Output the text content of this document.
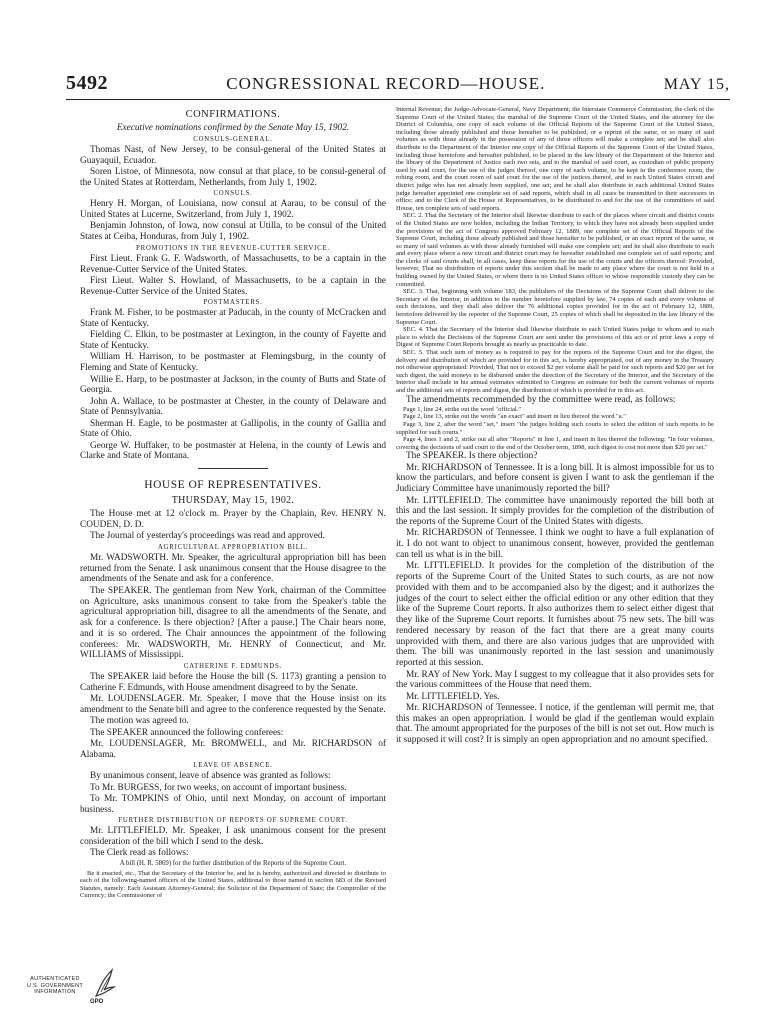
5492	CONGRESSIONAL RECORD—HOUSE.	MAY 15,
CONFIRMATIONS.
Executive nominations confirmed by the Senate May 15, 1902.
CONSULS-GENERAL.

Thomas Nast, of New Jersey, to be consul-general of the United States at Guayaquil, Ecuador.

Soren Listoe, of Minnesota, now consul at that place, to be consul-general of the United States at Rotterdam, Netherlands, from July 1, 1902.

CONSULS.

Henry H. Morgan, of Louisiana, now consul at Aarau, to be consul of the United States at Lucerne, Switzerland, from July 1, 1902.

Benjamin Johnston, of Iowa, now consul at Utilla, to be consul of the United States at Ceiba, Honduras, from July 1, 1902.

PROMOTIONS IN THE REVENUE-CUTTER SERVICE.

First Lieut. Frank G. F. Wadsworth, of Massachusetts, to be a captain in the Revenue-Cutter Service of the United States.

First Lieut. Walter S. Howland, of Massachusetts, to be a captain in the Revenue-Cutter Service of the United States.

POSTMASTERS.

Frank M. Fisher, to be postmaster at Paducah, in the county of McCracken and State of Kentucky.

Fielding C. Elkin, to be postmaster at Lexington, in the county of Fayette and State of Kentucky.

William H. Harrison, to be postmaster at Flemingsburg, in the county of Fleming and State of Kentucky.

Willie E. Harp, to be postmaster at Jackson, in the county of Butts and State of Georgia.

John A. Wallace, to be postmaster at Chester, in the county of Delaware and State of Pennsylvania.

Sherman H. Eagle, to be postmaster at Gallipolis, in the county of Gallia and State of Ohio.

George W. Huffaker, to be postmaster at Helena, in the county of Lewis and Clarke and State of Montana.

HOUSE OF REPRESENTATIVES.
THURSDAY, May 15, 1902.

The House met at 12 o'clock m. Prayer by the Chaplain, Rev. HENRY N. COUDEN, D. D.

The Journal of yesterday's proceedings was read and approved.

AGRICULTURAL APPROPRIATION BILL.

Mr. WADSWORTH. Mr. Speaker, the agricultural appropriation bill has been returned from the Senate. I ask unanimous consent that the House disagree to the amendments of the Senate and ask for a conference.

The SPEAKER. The gentleman from New York, chairman of the Committee on Agriculture, asks unanimous consent to take from the Speaker's table the agricultural appropriation bill, disagree to all the amendments of the Senate, and ask for a conference. Is there objection? [After a pause.] The Chair hears none, and it is so ordered. The Chair announces the appointment of the following conferees: Mr. WADSWORTH, Mr. HENRY of Connecticut, and Mr. WILLIAMS of Mississippi.

CATHERINE F. EDMUNDS.

The SPEAKER laid before the House the bill (S. 1173) granting a pension to Catherine F. Edmunds, with House amendment disagreed to by the Senate.

Mr. LOUDENSLAGER. Mr. Speaker, I move that the House insist on its amendment to the Senate bill and agree to the conference requested by the Senate.

The motion was agreed to.

The SPEAKER announced the following conferees:

Mr. LOUDENSLAGER, Mr. BROMWELL, and Mr. RICHARDSON of Alabama.

LEAVE OF ABSENCE.

By unanimous consent, leave of absence was granted as follows:

To Mr. BURGESS, for two weeks, on account of important business.

To Mr. TOMPKINS of Ohio, until next Monday, on account of important business.

FURTHER DISTRIBUTION OF REPORTS OF SUPREME COURT.

Mr. LITTLEFIELD. Mr. Speaker, I ask unanimous consent for the present consideration of the bill which I send to the desk.

The Clerk read as follows:

A bill (H. R. 5869) for the further distribution of the Reports of the Supreme Court.

Be it enacted, etc., That the Secretary of the Interior be, and he is hereby, authorized and directed to distribute to each of the following-named officers of the United States, additional to those named in section 683 of the Revised Statutes, namely: Each Assistant Attorney-General; the Solicitor of the Department of State; the Comptroller of the Currency; the Commissioner of

Internal Revenue; the Judge-Advocate-General, Navy Department; the Interstate Commerce Commission; the clerk of the Supreme Court of the United States; the marshal of the Supreme Court of the United States, and the attorney for the District of Columbia, one copy of each volume of the Official Reports of the Supreme Court of the United States, including those already published and those hereafter to be published, or a reprint of the same, or so many of said volumes as with those already in the possession of any of those officers will make a complete set; and he shall also distribute to the Department of the Interior one copy of the Official Reports of the Supreme Court of the United States, including those heretofore and hereafter published, to be placed in the law library of the Department of the Interior and the library of the Department of Justice each two sets, and to the marshal of said court, as custodian of public property used by said court, for the use of the judges thereof, one copy of each volume, to be kept in the conference room, the robing room, and the court room of said court for the use of the justices thereof, and to each United States circuit and district judge who has not already been supplied, one set; and he shall also distribute to each additional United States judge hereafter appointed one complete set of said reports, which shall in all cases be transmitted to their successors in office; and to the Clerk of the House of Representatives, to be distributed to and for the use of the committees of said House, ten complete sets of said reports.

SEC. 2. That the Secretary of the Interior shall likewise distribute to each of the places where circuit and district courts of the United States are now holden, including the Indian Territory, to which they have not already been supplied under the provisions of the act of Congress approved February 12, 1889, one complete set of the Official Reports of the Supreme Court, including those already published and those hereafter to be published, or an exact reprint of the same, or so many of said volumes as with those already furnished will make one complete set; and he shall also distribute to each and every place where a new circuit and district court may be hereafter established one complete set of said reports; and the clerks of said courts shall, in all cases, keep these reports for the use of the courts and the officers thereof: Provided, however, That no distribution of reports under this section shall be made to any place where the court is not held in a building owned by the United States, or where there is no United States officer to whose responsible custody they can be committed.

SEC. 3. That, beginning with volume 183, the publishers of the Decisions of the Supreme Court shall deliver to the Secretary of the Interior, in addition to the number heretofore supplied by law, 74 copies of each and every volume of such decisions, and they shall also deliver the 76 additional copies provided for in the act of February 12, 1889, heretofore delivered by the reporter of the Supreme Court, 25 copies of which shall be deposited in the law library of the Supreme Court.

SEC. 4. That the Secretary of the Interior shall likewise distribute to each United States judge to whom and to each place to which the Decisions of the Supreme Court are sent under the provisions of this act or of prior laws a copy of Digest of Supreme Court Reports brought as nearly as practicable to date.

SEC. 5. That such sum of money as is required to pay for the reports of the Supreme Court and for the digest, the delivery and distribution of which are provided for in this act, is hereby appropriated, out of any money in the Treasury not otherwise appropriated: Provided, That not to exceed $2 per volume shall be paid for such reports and $20 per set for such digest, the said moneys to be disbursed under the direction of the Secretary of the Interior, and the Secretary of the Interior shall include in his annual estimates submitted to Congress an estimate for both the current volumes of reports and the additional sets of reports and digest, the distribution of which is provided for in this act.

The amendments recommended by the committee were read, as follows:

Page 1, line 24, strike out the word "official."

Page 2, line 13, strike out the words "an exact" and insert in lieu thereof the word "a."

Page 3, line 2, after the word "set," insert "the judges holding such courts to select the edition of such reports to be supplied for such courts."

Page 4, lines 1 and 2, strike out all after "Reports" in line 1, and insert in lieu thereof the following: "In four volumes, covering the decisions of said court to the end of the October term, 1898, such digest to cost not more than $20 per set."

The SPEAKER. Is there objection?

Mr. RICHARDSON of Tennessee. It is a long bill. It is almost impossible for us to know the particulars, and before consent is given I want to ask the gentleman if the Judiciary Committee have unanimously reported the bill?

Mr. LITTLEFIELD. The committee have unanimously reported the bill both at this and the last session. It simply provides for the completion of the distribution of the reports of the Supreme Court of the United States with digests.

Mr. RICHARDSON of Tennessee. I think we ought to have a full explanation of it. I do not want to object to unanimous consent, however, provided the gentleman can tell us what is in the bill.

Mr. LITTLEFIELD. It provides for the completion of the distribution of the reports of the Supreme Court of the United States to such courts, as are not now provided with them and to be accompanied also by the digest; and it authorizes the judges of the court to select either the official edition or any other edition that they like of the Supreme Court reports. It also authorizes them to select either digest that they like of the Supreme Court reports. It furnishes about 75 new sets. The bill was rendered necessary by reason of the fact that there are a great many courts unprovided with them, and there are also various judges that are unprovided with them. The bill was unanimously reported in the last session and unanimously reported at this session.

Mr. RAY of New York. May I suggest to my colleague that it also provides sets for the various committees of the House that need them.

Mr. LITTLEFIELD. Yes.

Mr. RICHARDSON of Tennessee. I notice, if the gentleman will permit me, that this makes an open appropriation. I would be glad if the gentleman would explain that. The amount appropriated for the purposes of the bill is not set out. How much is it supposed it will cost? It is simply an open appropriation and no amount specified.

AUTHENTICATED
U.S. GOVERNMENT
INFORMATION
GPO
